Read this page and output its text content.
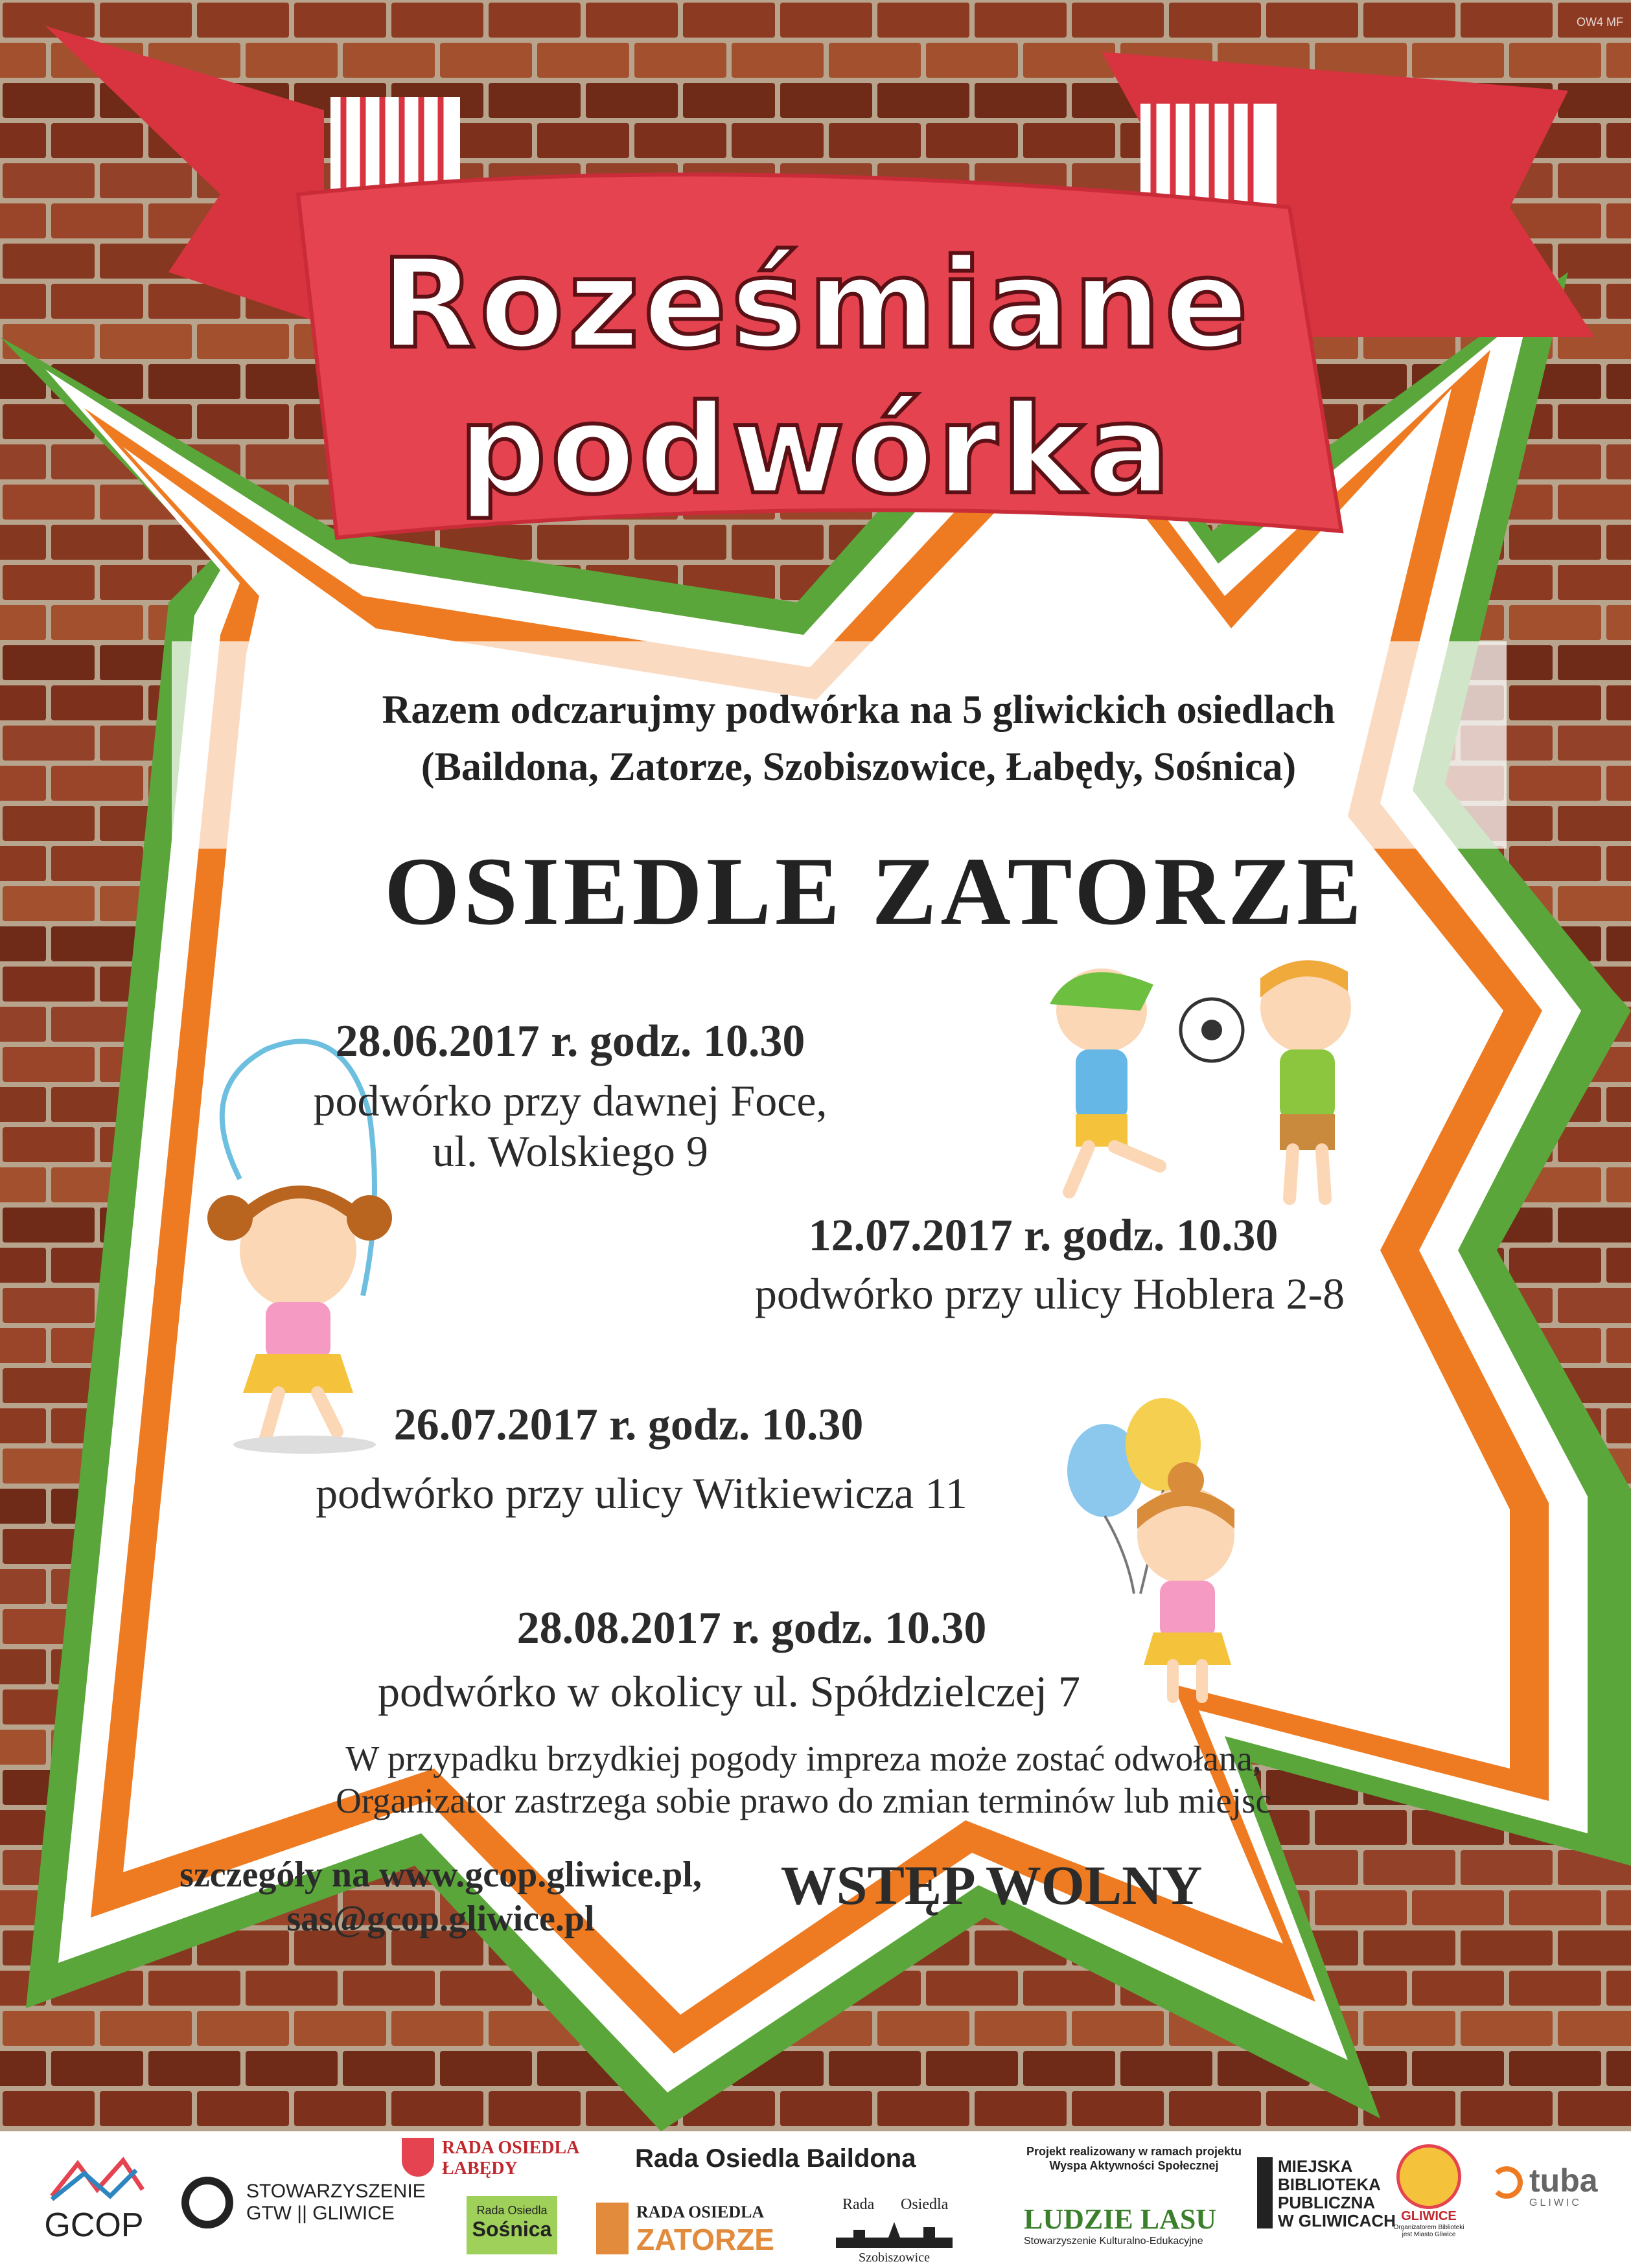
Roześmiane
podwórka
OW4 MF
Razem odczarujmy podwórka na 5 gliwickich osiedlach
(Baildona, Zatorze, Szobiszowice, Łabędy, Sośnica)
OSIEDLE ZATORZE
28.06.2017 r. godz. 10.30
podwórko przy dawnej Foce,
ul. Wolskiego 9
12.07.2017 r. godz. 10.30
podwórko przy ulicy Hoblera 2-8
26.07.2017 r. godz. 10.30
podwórko przy ulicy Witkiewicza 11
28.08.2017 r. godz. 10.30
podwórko w okolicy ul. Spółdzielczej 7
W przypadku brzydkiej pogody impreza może zostać odwołana,
Organizator zastrzega sobie prawo do zmian terminów lub miejsc
szczegóły na www.gcop.gliwice.pl,
sas@gcop.gliwice.pl
WSTĘP WOLNY
GCOP
STOWARZYSZENIE
GTW || GLIWICE
RADA OSIEDLA
ŁABĘDY
Rada Osiedla
Sośnica
Rada Osiedla Baildona
RADA OSIEDLA
ZATORZE
Rada Osiedla
Szobiszowice
Projekt realizowany w ramach projektu
Wyspa Aktywności Społecznej
LUDZIE LASU
Stowarzyszenie Kulturalno-Edukacyjne
MIEJSKA
BIBLIOTEKA
PUBLICZNA
W GLIWICACH GLIWICE
Organizatorem Biblioteki
jest Miasto Gliwice
tuba
GLIWIC
